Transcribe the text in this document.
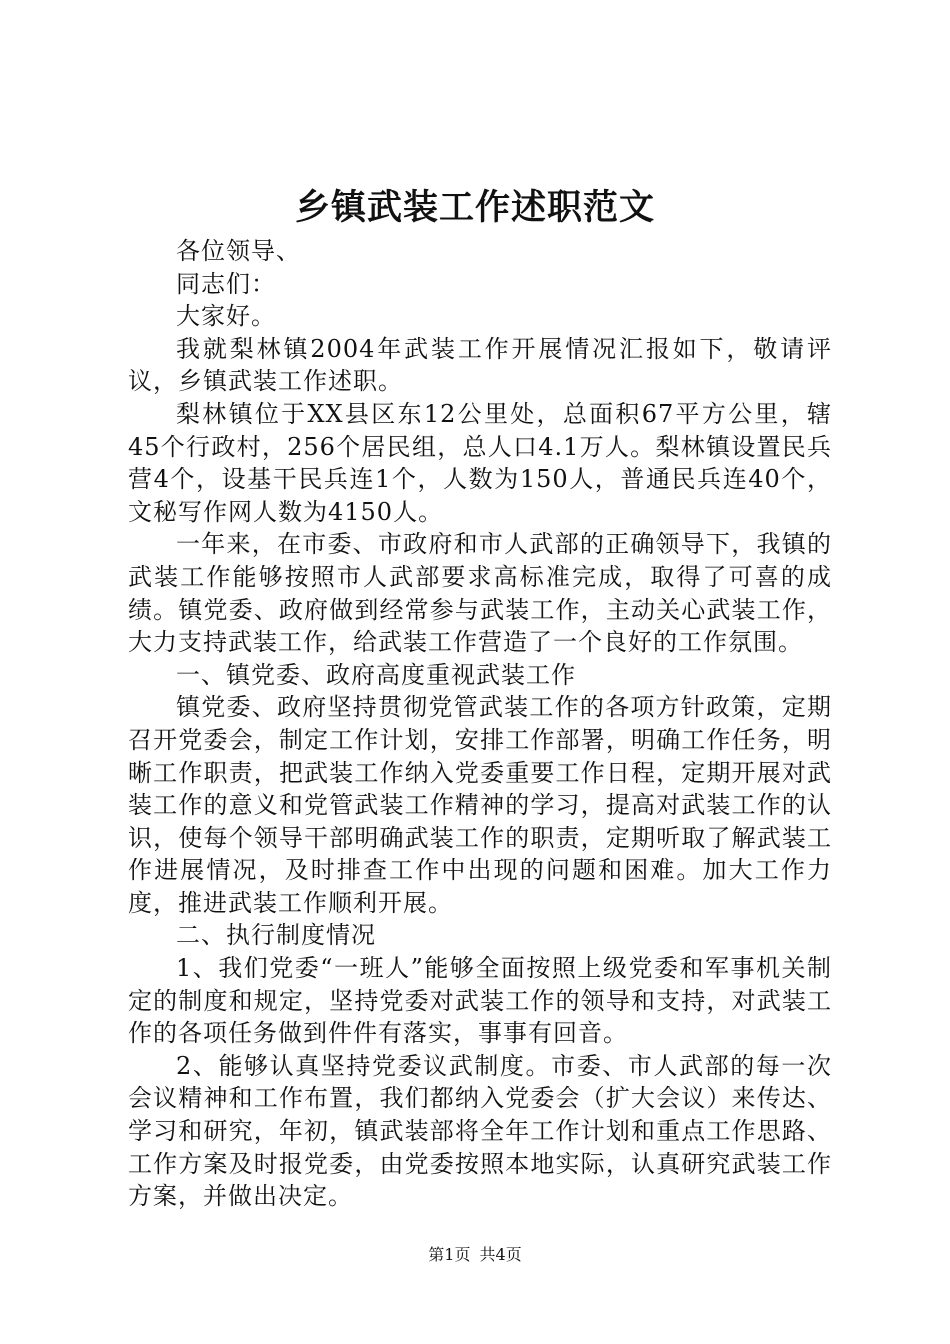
乡镇武装工作述职范文

各位领导、

同志们：

大家好。

我就梨林镇2004年武装工作开展情况汇报如下，敬请评议，乡镇武装工作述职。

梨林镇位于XX县区东12公里处，总面积67平方公里，辖45个行政村，256个居民组，总人口4.1万人。梨林镇设置民兵营4个，设基干民兵连1个，人数为150人，普通民兵连40个，文秘写作网人数为4150人。

一年来，在市委、市政府和市人武部的正确领导下，我镇的武装工作能够按照市人武部要求高标准完成，取得了可喜的成绩。镇党委、政府做到经常参与武装工作，主动关心武装工作，大力支持武装工作，给武装工作营造了一个良好的工作氛围。

一、镇党委、政府高度重视武装工作

镇党委、政府坚持贯彻党管武装工作的各项方针政策，定期召开党委会，制定工作计划，安排工作部署，明确工作任务，明晰工作职责，把武装工作纳入党委重要工作日程，定期开展对武装工作的意义和党管武装工作精神的学习，提高对武装工作的认识，使每个领导干部明确武装工作的职责，定期听取了解武装工作进展情况，及时排查工作中出现的问题和困难。加大工作力度，推进武装工作顺利开展。

二、执行制度情况

1、我们党委“一班人”能够全面按照上级党委和军事机关制定的制度和规定，坚持党委对武装工作的领导和支持，对武装工作的各项任务做到件件有落实，事事有回音。

2、能够认真坚持党委议武制度。市委、市人武部的每一次会议精神和工作布置，我们都纳入党委会（扩大会议）来传达、学习和研究，年初，镇武装部将全年工作计划和重点工作思路、工作方案及时报党委，由党委按照本地实际，认真研究武装工作方案，并做出决定。

第1页 共4页
